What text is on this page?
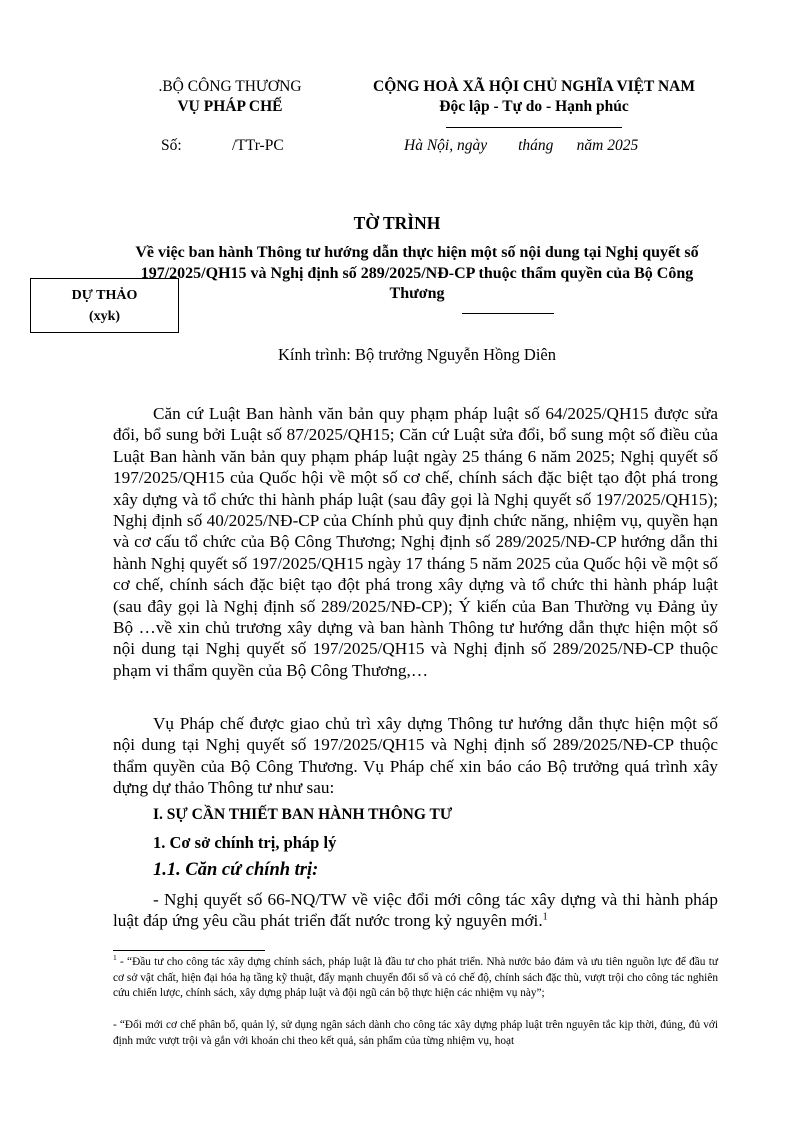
.BỘ CÔNG THƯƠNG
VỤ PHÁP CHẾ
CỘNG HOÀ XÃ HỘI CHỦ NGHĨA VIỆT NAM
Độc lập - Tự do - Hạnh phúc
Số:	/TTr-PC	Hà Nội, ngày        tháng      năm 2025
TỜ TRÌNH
Về việc ban hành Thông tư hướng dẫn thực hiện một số nội dung tại Nghị quyết số 197/2025/QH15 và Nghị định số 289/2025/NĐ-CP thuộc thẩm quyền của Bộ Công Thương
DỰ THẢO
(xyk)
Kính trình: Bộ trưởng Nguyễn Hồng Diên
Căn cứ Luật Ban hành văn bản quy phạm pháp luật số 64/2025/QH15 được sửa đổi, bổ sung bởi Luật số 87/2025/QH15; Căn cứ Luật sửa đổi, bổ sung một số điều của Luật Ban hành văn bản quy phạm pháp luật ngày 25 tháng 6 năm 2025; Nghị quyết số 197/2025/QH15 của Quốc hội về một số cơ chế, chính sách đặc biệt tạo đột phá trong xây dựng và tổ chức thi hành pháp luật (sau đây gọi là Nghị quyết số 197/2025/QH15); Nghị định số 40/2025/NĐ-CP của Chính phủ quy định chức năng, nhiệm vụ, quyền hạn và cơ cấu tổ chức của Bộ Công Thương; Nghị định số 289/2025/NĐ-CP hướng dẫn thi hành Nghị quyết số 197/2025/QH15 ngày 17 tháng 5 năm 2025 của Quốc hội về một số cơ chế, chính sách đặc biệt tạo đột phá trong xây dựng và tổ chức thi hành pháp luật (sau đây gọi là Nghị định số 289/2025/NĐ-CP); Ý kiến của Ban Thường vụ Đảng ủy Bộ …về xin chủ trương xây dựng và ban hành Thông tư hướng dẫn thực hiện một số nội dung tại Nghị quyết số 197/2025/QH15 và Nghị định số 289/2025/NĐ-CP thuộc phạm vi thẩm quyền của Bộ Công Thương,…
Vụ Pháp chế được giao chủ trì xây dựng Thông tư hướng dẫn thực hiện một số nội dung tại Nghị quyết số 197/2025/QH15 và Nghị định số 289/2025/NĐ-CP thuộc thẩm quyền của Bộ Công Thương. Vụ Pháp chế xin báo cáo Bộ trưởng quá trình xây dựng dự thảo Thông tư như sau:
I. SỰ CẦN THIẾT BAN HÀNH THÔNG TƯ
1. Cơ sở chính trị, pháp lý
1.1. Căn cứ chính trị:
- Nghị quyết số 66-NQ/TW về việc đổi mới công tác xây dựng và thi hành pháp luật đáp ứng yêu cầu phát triển đất nước trong kỷ nguyên mới.$^1$
$^1$ - “Đầu tư cho công tác xây dựng chính sách, pháp luật là đầu tư cho phát triển. Nhà nước bảo đảm và ưu tiên nguồn lực để đầu tư cơ sở vật chất, hiện đại hóa hạ tầng kỹ thuật, đẩy mạnh chuyển đổi số và có chế độ, chính sách đặc thù, vượt trội cho công tác nghiên cứu chiến lược, chính sách, xây dựng pháp luật và đội ngũ cán bộ thực hiện các nhiệm vụ này”;
- “Đổi mới cơ chế phân bổ, quản lý, sử dụng ngân sách dành cho công tác xây dựng pháp luật trên nguyên tắc kịp thời, đúng, đủ với định mức vượt trội và gắn với khoán chi theo kết quả, sản phẩm của từng nhiệm vụ, hoạt
